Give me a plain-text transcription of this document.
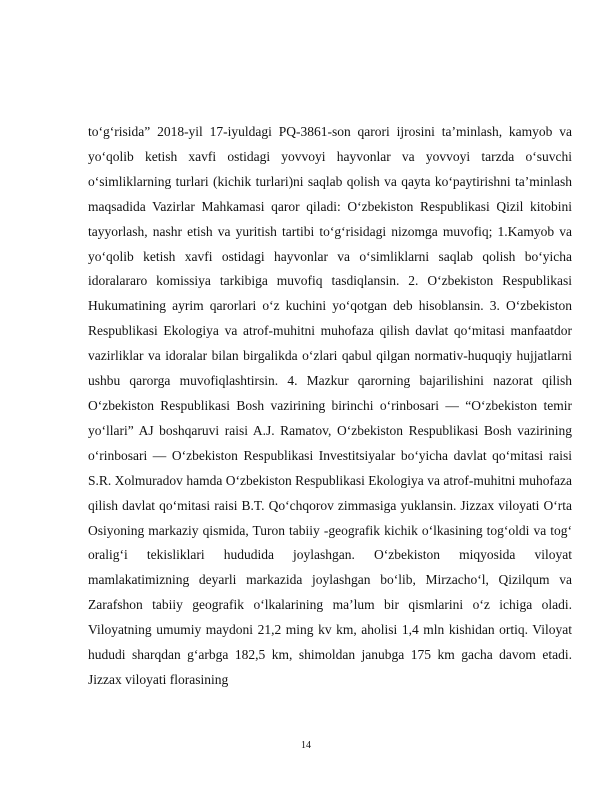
to‘g‘risida” 2018-yil 17-iyuldagi PQ-3861-son qarori ijrosini ta’minlash, kamyob va yo‘qolib ketish xavfi ostidagi yovvoyi hayvonlar va yovvoyi tarzda o‘suvchi o‘simliklarning turlari (kichik turlari)ni saqlab qolish va qayta ko‘paytirishni ta’minlash maqsadida Vazirlar Mahkamasi qaror qiladi: O‘zbekiston Respublikasi Qizil kitobini tayyorlash, nashr etish va yuritish tartibi to‘g‘risidagi nizomga muvofiq; 1.Kamyob va yo‘qolib ketish xavfi ostidagi hayvonlar va o‘simliklarni saqlab qolish bo‘yicha idoralararo komissiya tarkibiga muvofiq tasdiqlansin. 2. O‘zbekiston Respublikasi Hukumatining ayrim qarorlari o‘z kuchini yo‘qotgan deb hisoblansin. 3. O‘zbekiston Respublikasi Ekologiya va atrof-muhitni muhofaza qilish davlat qo‘mitasi manfaatdor vazirliklar va idoralar bilan birgalikda o‘zlari qabul qilgan normativ-huquqiy hujjatlarni ushbu qarorga muvofiqlashtirsin. 4. Mazkur qarorning bajarilishini nazorat qilish O‘zbekiston Respublikasi Bosh vazirining birinchi o‘rinbosari — “O‘zbekiston temir yo‘llari” AJ boshqaruvi raisi A.J. Ramatov, O‘zbekiston Respublikasi Bosh vazirining o‘rinbosari — O‘zbekiston Respublikasi Investitsiyalar bo‘yicha davlat qo‘mitasi raisi S.R. Xolmuradov hamda O‘zbekiston Respublikasi Ekologiya va atrof-muhitni muhofaza qilish davlat qo‘mitasi raisi B.T. Qo‘chqorov zimmasiga yuklansin. Jizzax viloyati O‘rta Osiyoning markaziy qismida, Turon tabiiy -geografik kichik o‘lkasining tog‘oldi va tog‘ oralig‘i tekisliklari hududida joylashgan. O‘zbekiston miqyosida viloyat mamlakatimizning deyarli markazida joylashgan bo‘lib, Mirzacho‘l, Qizilqum va Zarafshon tabiiy geografik o‘lkalarining ma’lum bir qismlarini o‘z ichiga oladi. Viloyatning umumiy maydoni 21,2 ming kv km, aholisi 1,4 mln kishidan ortiq. Viloyat hududi sharqdan g‘arbga 182,5 km, shimoldan janubga 175 km gacha davom etadi. Jizzax viloyati florasining

14
